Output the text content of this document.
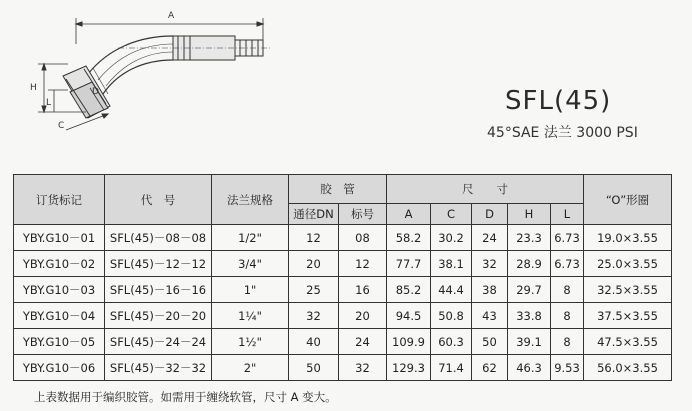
A
H
L
D
C
SFL(45)
45°SAE 法兰 3000 PSI
订货标记	代　号	法兰规格	胶　管		尺　　寸					“O”形圈
			通径DN	标号	A	C	D	H	L	
YBY.G10－01	SFL(45)－08－08	1/2"	12	08	58.2	30.2	24	23.3	6.73	19.0×3.55
YBY.G10－02	SFL(45)－12－12	3/4"	20	12	77.7	38.1	32	28.9	6.73	25.0×3.55
YBY.G10－03	SFL(45)－16－16	1"	25	16	85.2	44.4	38	29.7	8	32.5×3.55
YBY.G10－04	SFL(45)－20－20	1¼"	32	20	94.5	50.8	43	33.8	8	37.5×3.55
YBY.G10－05	SFL(45)－24－24	1½"	40	24	109.9	60.3	50	39.1	8	47.5×3.55
YBY.G10－06	SFL(45)－32－32	2"	50	32	129.3	71.4	62	46.3	9.53	56.0×3.55
上表数据用于编织胶管。如需用于缠绕软管，尺寸 A 变大。
